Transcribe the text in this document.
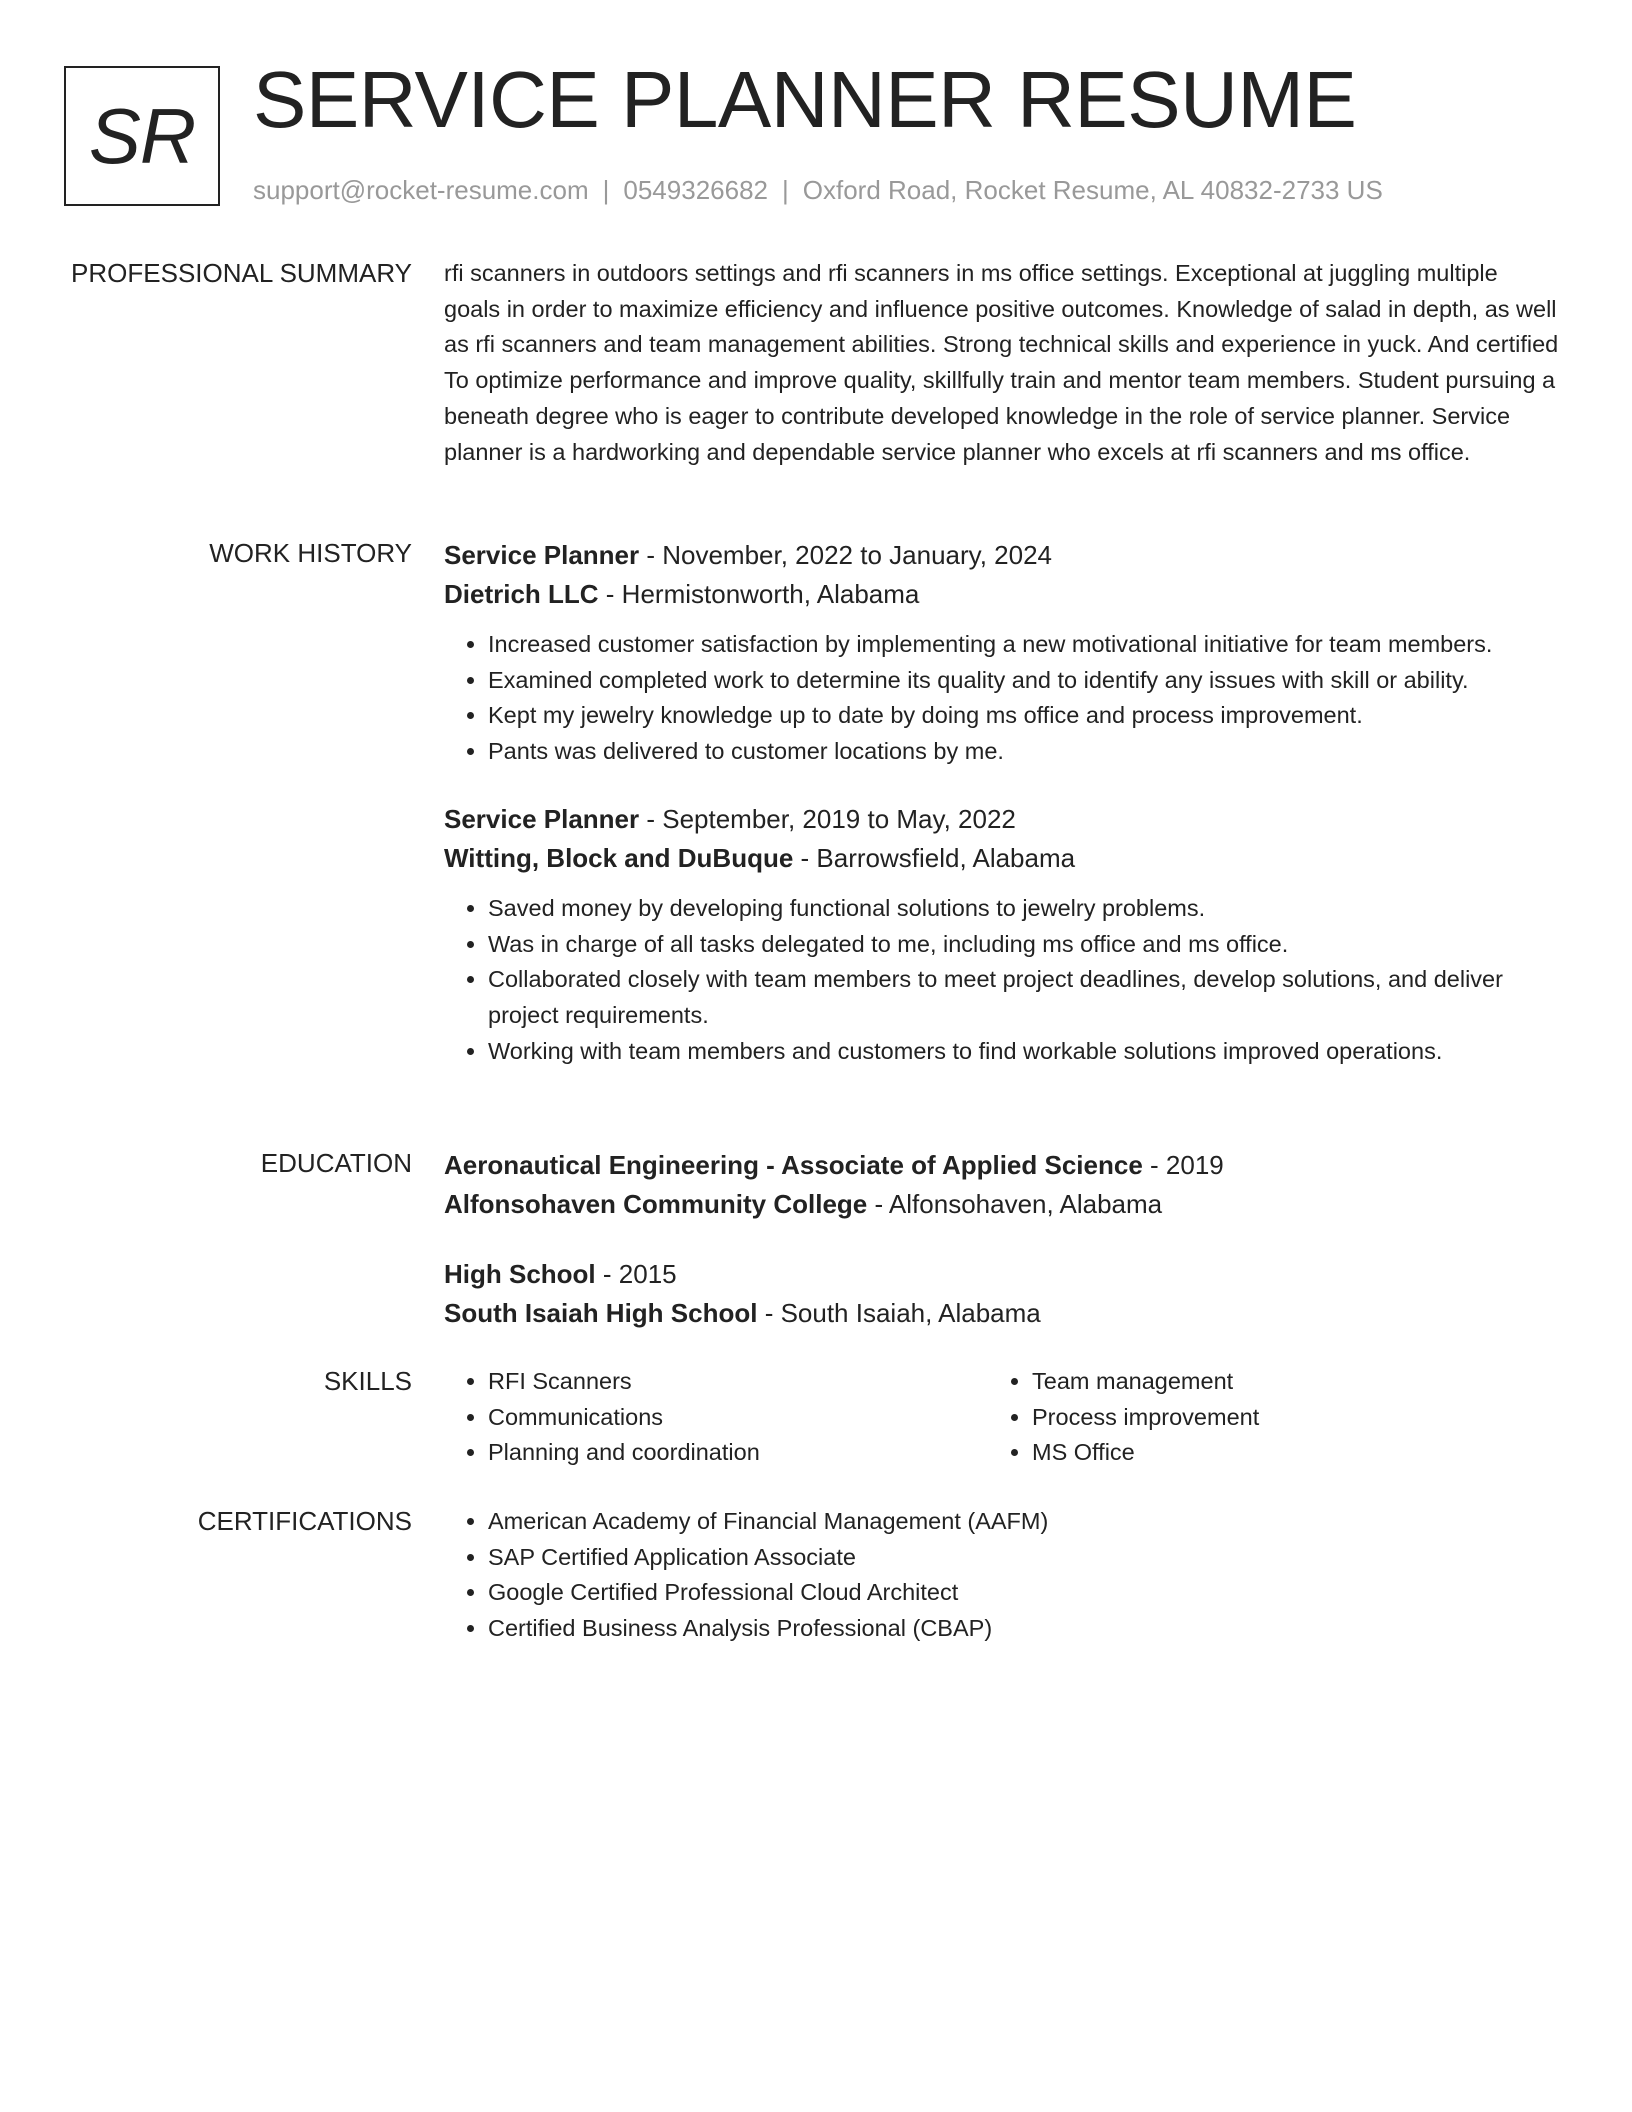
SR SERVICE PLANNER RESUME
support@rocket-resume.com | 0549326682 | Oxford Road, Rocket Resume, AL 40832-2733 US
PROFESSIONAL SUMMARY rfi scanners in outdoors settings and rfi scanners in ms office settings. Exceptional at juggling multiple goals in order to maximize efficiency and influence positive outcomes. Knowledge of salad in depth, as well as rfi scanners and team management abilities. Strong technical skills and experience in yuck. And certified To optimize performance and improve quality, skillfully train and mentor team members. Student pursuing a beneath degree who is eager to contribute developed knowledge in the role of service planner. Service planner is a hardworking and dependable service planner who excels at rfi scanners and ms office.

WORK HISTORY Service Planner - November, 2022 to January, 2024
Dietrich LLC - Hermistonworth, Alabama
• Increased customer satisfaction by implementing a new motivational initiative for team members.
• Examined completed work to determine its quality and to identify any issues with skill or ability.
• Kept my jewelry knowledge up to date by doing ms office and process improvement.
• Pants was delivered to customer locations by me.
Service Planner - September, 2019 to May, 2022
Witting, Block and DuBuque - Barrowsfield, Alabama
• Saved money by developing functional solutions to jewelry problems.
• Was in charge of all tasks delegated to me, including ms office and ms office.
• Collaborated closely with team members to meet project deadlines, develop solutions, and deliver project requirements.
• Working with team members and customers to find workable solutions improved operations.
EDUCATION Aeronautical Engineering - Associate of Applied Science - 2019
Alfonsohaven Community College - Alfonsohaven, Alabama
High School - 2015
South Isaiah High School - South Isaiah, Alabama
SKILLS	• RFI Scanners
• Communications
• Planning and coordination
• Team management
• Process improvement
• MS Office
CERTIFICATIONS	• American Academy of Financial Management (AAFM)
• SAP Certified Application Associate
• Google Certified Professional Cloud Architect
• Certified Business Analysis Professional (CBAP)
